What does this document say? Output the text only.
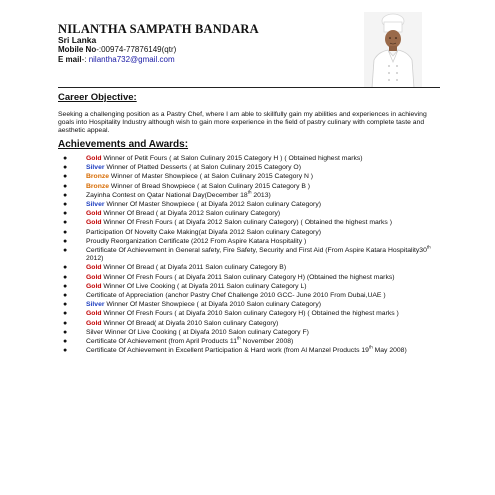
NILANTHA SAMPATH BANDARA
Sri Lanka
Mobile No-:00974-77876149(qtr)
E mail-: nilantha732@gmail.com
Career Objective:
Seeking a challenging position as a Pastry Chef, where I am able to skillfully gain my abilities and experiences in achieving goals into Hospitality Industry although wish to gain more experience in the field of pastry culinary with complete taste and aesthetic appeal.
Achievements and Awards:
●	Gold Winner of Petit Fours ( at Salon Culinary 2015 Category H ) ( Obtained highest marks)
●	Silver Winner of Platted Desserts ( at Salon Culinary 2015 Category O)
●	Bronze Winner of Master Showpiece ( at Salon Culinary 2015 Category N )
●	Bronze Winner of Bread Showpiece ( at Salon Culinary 2015 Category B )
●	Zayinha Contest on Qatar National Day(December 18th 2013)
●	Silver Winner Of Master Showpiece ( at Diyafa 2012 Salon culinary Category)
●	Gold Winner Of Bread ( at Diyafa 2012 Salon culinary Category)
●	Gold Winner Of Fresh Fours ( at Diyafa 2012 Salon culinary Category) ( Obtained the highest marks )
●	Participation Of Novelty Cake Making(at Diyafa 2012 Salon culinary Category)
●	Proudly Reorganization Certificate (2012 From Aspire Katara Hospitality )
●	Certificate Of Achievement in General safety, Fire Safety, Security and First Aid (From Aspire Katara Hospitality30th 2012)
●	Gold Winner Of Bread ( at Diyafa 2011 Salon culinary Category B)
●	Gold Winner Of Fresh Fours ( at Diyafa 2011 Salon culinary Category H) (Obtained the highest marks)
●	Gold Winner Of Live Cooking ( at Diyafa 2011 Salon culinary Category L)
●	Certificate of Appreciation (anchor Pastry Chef Challenge 2010 GCC- June 2010 From Dubai,UAE )
●	Silver Winner Of Master Showpiece ( at Diyafa 2010 Salon culinary Category)
●	Gold Winner Of Fresh Fours ( at Diyafa 2010 Salon culinary Category H) ( Obtained the highest marks )
●	Gold Winner Of Bread( at Diyafa 2010 Salon culinary Category)
●	Silver Winner Of Live Cooking ( at Diyafa 2010 Salon culinary Category F)
●	Certificate Of Achievement (from April Products 11th November 2008)
●	Certificate Of Achievement in Excellent Participation & Hard work (from Al Manzel Products 19th May 2008)
